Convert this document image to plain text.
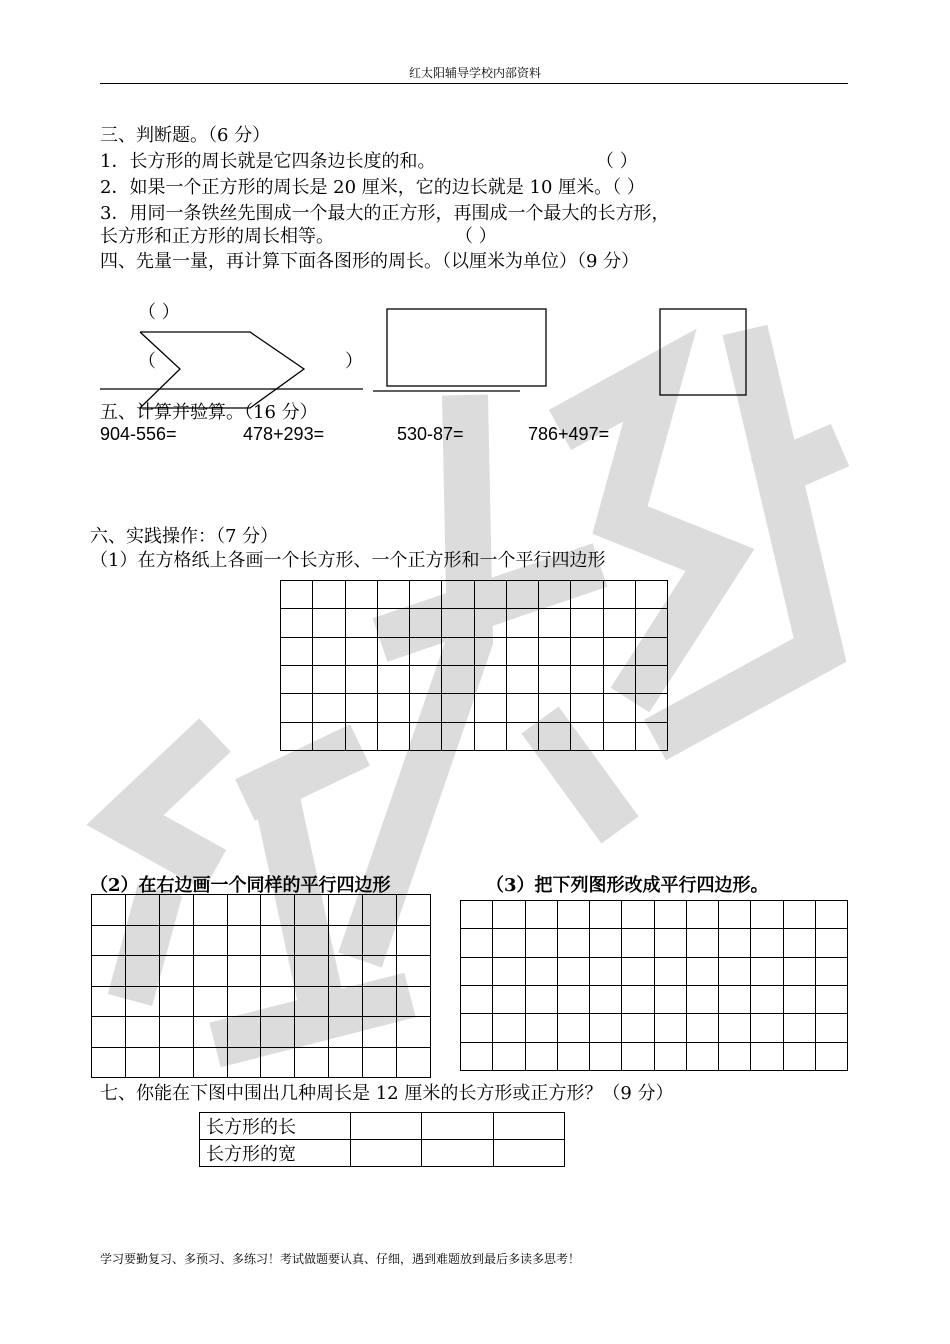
红太阳辅导学校内部资料
三、判断题。（6 分）
1．长方形的周长就是它四条边长度的和。	（ ）
2．如果一个正方形的周长是 20 厘米，它的边长就是 10 厘米。（ ）
3．用同一条铁丝先围成一个最大的正方形，再围成一个最大的长方形，
长方形和正方形的周长相等。	（ ）
四、先量一量，再计算下面各图形的周长。（以厘米为单位）（9 分）
（ ）
（	）
五、计算并验算。（16 分）
904-556=	478+293=	530-87=	786+497=
六、实践操作：（7 分）
（1）在方格纸上各画一个长方形、一个正方形和一个平行四边形

（2）在右边画一个同样的平行四边形	（3）把下列图形改成平行四边形。

七、你能在下图中围出几种周长是 12 厘米的长方形或正方形？（9 分）
长方形的长			
长方形的宽			
学习要勤复习、多预习、多练习！考试做题要认真、仔细，遇到难题放到最后多读多思考！
